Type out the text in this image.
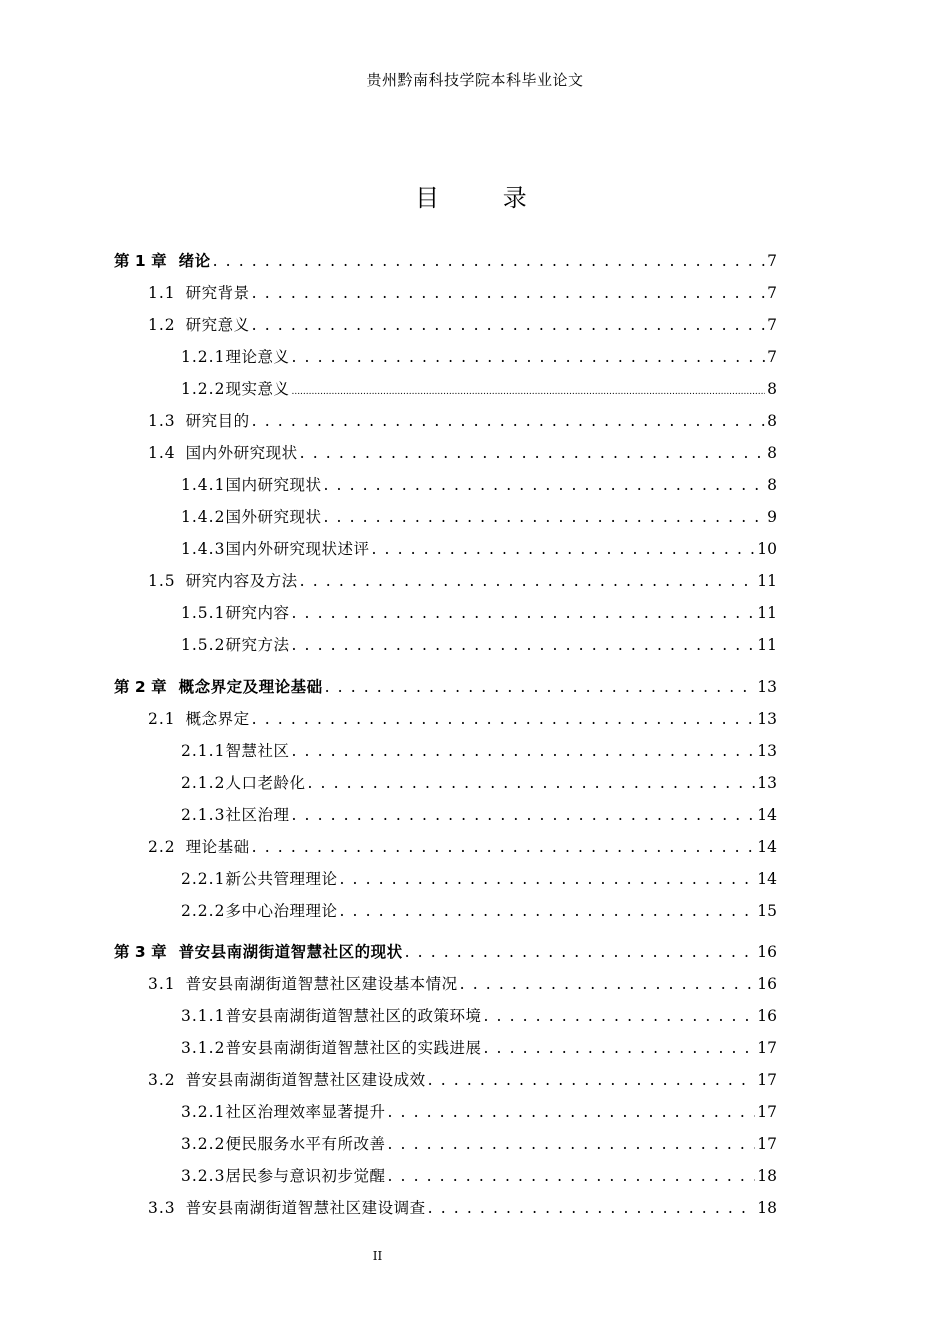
贵州黔南科技学院本科毕业论文
目 录
第 1 章 绪论 . . .	7
1.1 研究背景 . . .	7
1.2 研究意义 . . .	7
1.2.1 理论意义 . . .	7
1.2.2 现实意义 .....	8
1.3 研究目的 . . .	8
1.4 国内外研究现状 . . .	8
1.4.1 国内研究现状 . . .	8
1.4.2 国外研究现状 . . .	9
1.4.3 国内外研究现状述评 . . .	10
1.5 研究内容及方法 . . .	11
1.5.1 研究内容 . . .	11
1.5.2 研究方法 . . .	11
第 2 章 概念界定及理论基础 . . .	13
2.1 概念界定 . . .	13
2.1.1 智慧社区 . . .	13
2.1.2 人口老龄化 . . .	13
2.1.3 社区治理 . . .	14
2.2 理论基础 . . .	14
2.2.1 新公共管理理论 . . .	14
2.2.2 多中心治理理论 . . .	15
第 3 章 普安县南湖街道智慧社区的现状 . . .	16
3.1 普安县南湖街道智慧社区建设基本情况 . . .	16
3.1.1 普安县南湖街道智慧社区的政策环境 . . .	16
3.1.2 普安县南湖街道智慧社区的实践进展 . . .	17
3.2 普安县南湖街道智慧社区建设成效 . . .	17
3.2.1 社区治理效率显著提升 . . .	17
3.2.2 便民服务水平有所改善 . . .	17
3.2.3 居民参与意识初步觉醒 . . .	18
3.3 普安县南湖街道智慧社区建设调查 . . .	18
II
